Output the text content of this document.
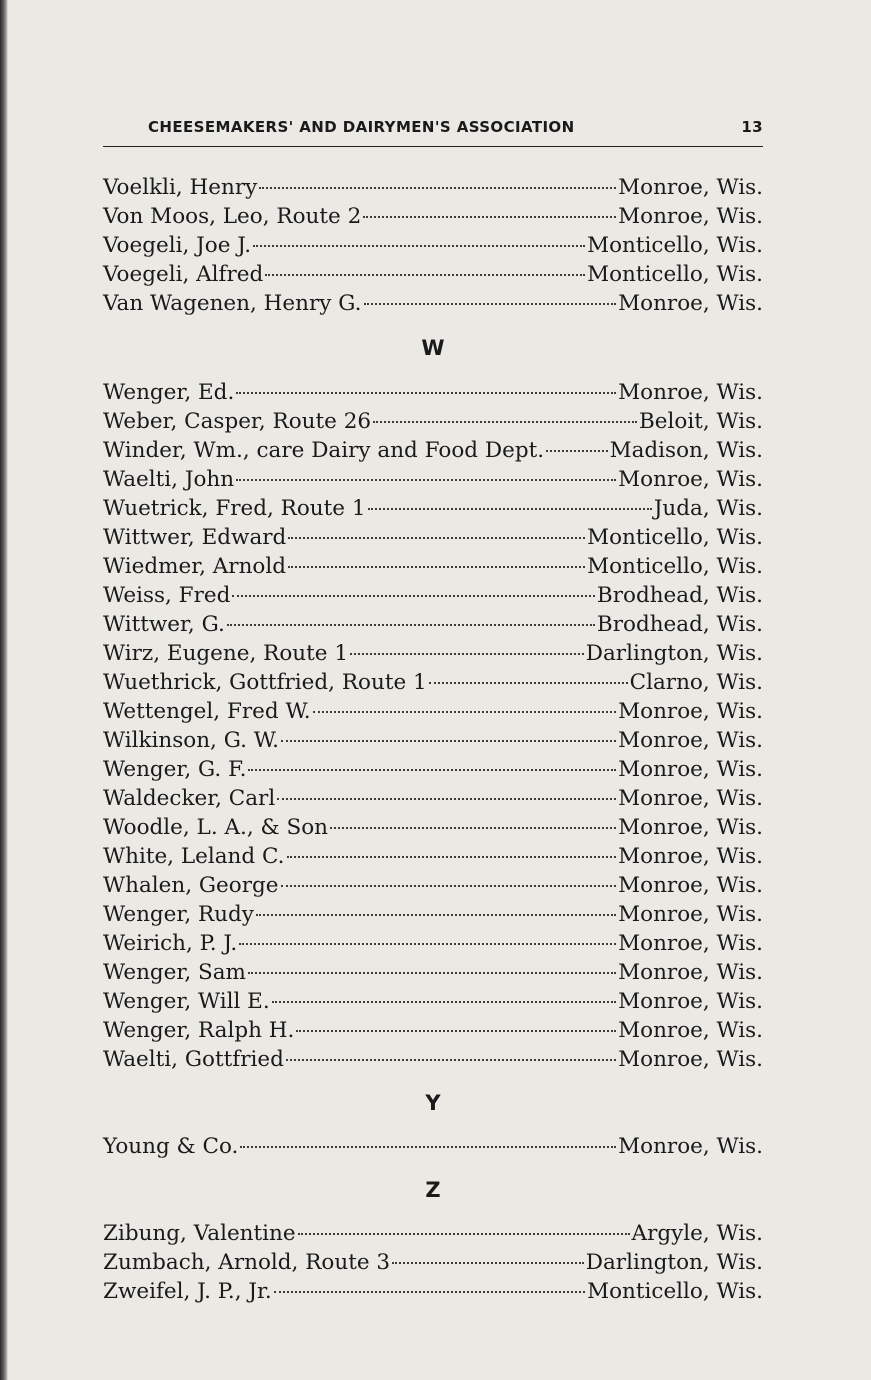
CHEESEMAKERS' AND DAIRYMEN'S ASSOCIATION	13
Voelkli, Henry	Monroe, Wis.
Von Moos, Leo, Route 2	Monroe, Wis.
Voegeli, Joe J.	Monticello, Wis.
Voegeli, Alfred	Monticello, Wis.
Van Wagenen, Henry G.	Monroe, Wis.
W
Wenger, Ed.	Monroe, Wis.
Weber, Casper, Route 26	Beloit, Wis.
Winder, Wm., care Dairy and Food Dept.	Madison, Wis.
Waelti, John	Monroe, Wis.
Wuetrick, Fred, Route 1	Juda, Wis.
Wittwer, Edward	Monticello, Wis.
Wiedmer, Arnold	Monticello, Wis.
Weiss, Fred	Brodhead, Wis.
Wittwer, G.	Brodhead, Wis.
Wirz, Eugene, Route 1	Darlington, Wis.
Wuethrick, Gottfried, Route 1	Clarno, Wis.
Wettengel, Fred W.	Monroe, Wis.
Wilkinson, G. W.	Monroe, Wis.
Wenger, G. F.	Monroe, Wis.
Waldecker, Carl	Monroe, Wis.
Woodle, L. A., & Son	Monroe, Wis.
White, Leland C.	Monroe, Wis.
Whalen, George	Monroe, Wis.
Wenger, Rudy	Monroe, Wis.
Weirich, P. J.	Monroe, Wis.
Wenger, Sam	Monroe, Wis.
Wenger, Will E.	Monroe, Wis.
Wenger, Ralph H.	Monroe, Wis.
Waelti, Gottfried	Monroe, Wis.
Y
Young & Co.	Monroe, Wis.
Z
Zibung, Valentine	Argyle, Wis.
Zumbach, Arnold, Route 3	Darlington, Wis.
Zweifel, J. P., Jr.	Monticello, Wis.
